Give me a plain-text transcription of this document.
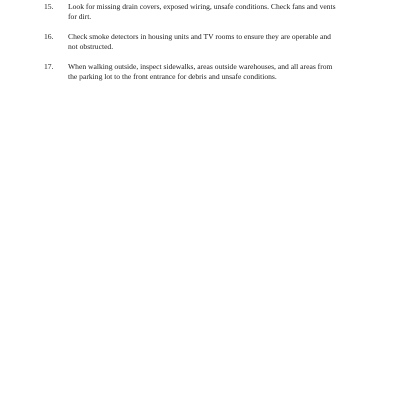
15.	Look for missing drain covers, exposed wiring, unsafe conditions. Check fans and vents
for dirt.
16.	Check smoke detectors in housing units and TV rooms to ensure they are operable and
not obstructed.
17.	When walking outside, inspect sidewalks, areas outside warehouses, and all areas from
the parking lot to the front entrance for debris and unsafe conditions.
